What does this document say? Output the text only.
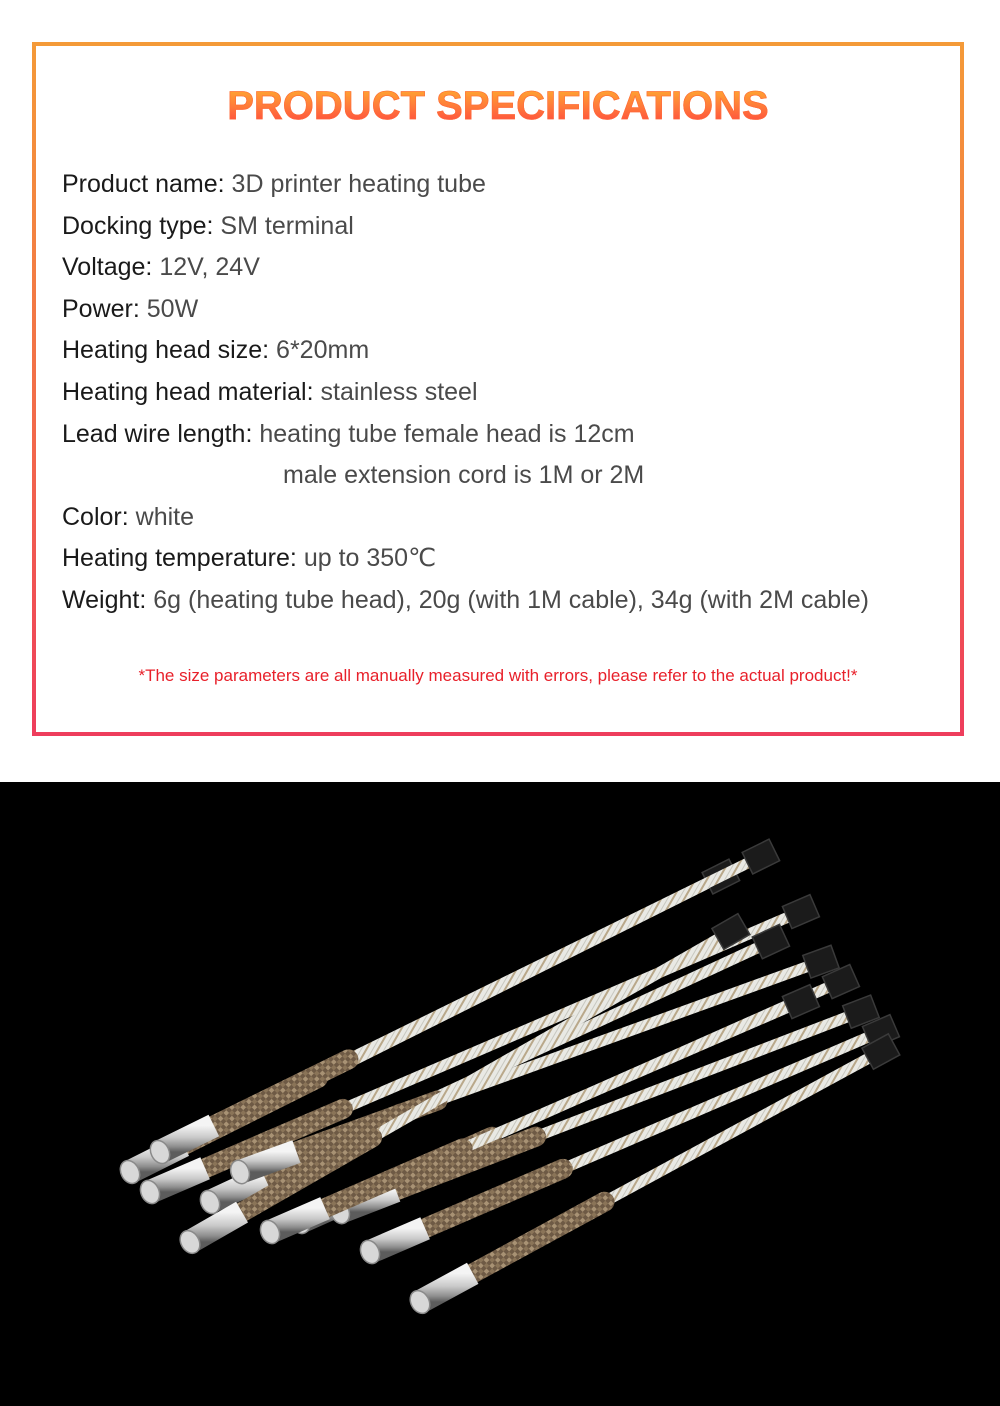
PRODUCT SPECIFICATIONS
Product name: 3D printer heating tube
Docking type: SM terminal
Voltage: 12V, 24V
Power: 50W
Heating head size: 6*20mm
Heating head material: stainless steel
Lead wire length: heating tube female head is 12cm
male extension cord is 1M or 2M
Color: white
Heating temperature: up to 350℃
Weight: 6g (heating tube head), 20g (with 1M cable), 34g (with 2M cable)
*The size parameters are all manually measured with errors, please refer to the actual product!*
